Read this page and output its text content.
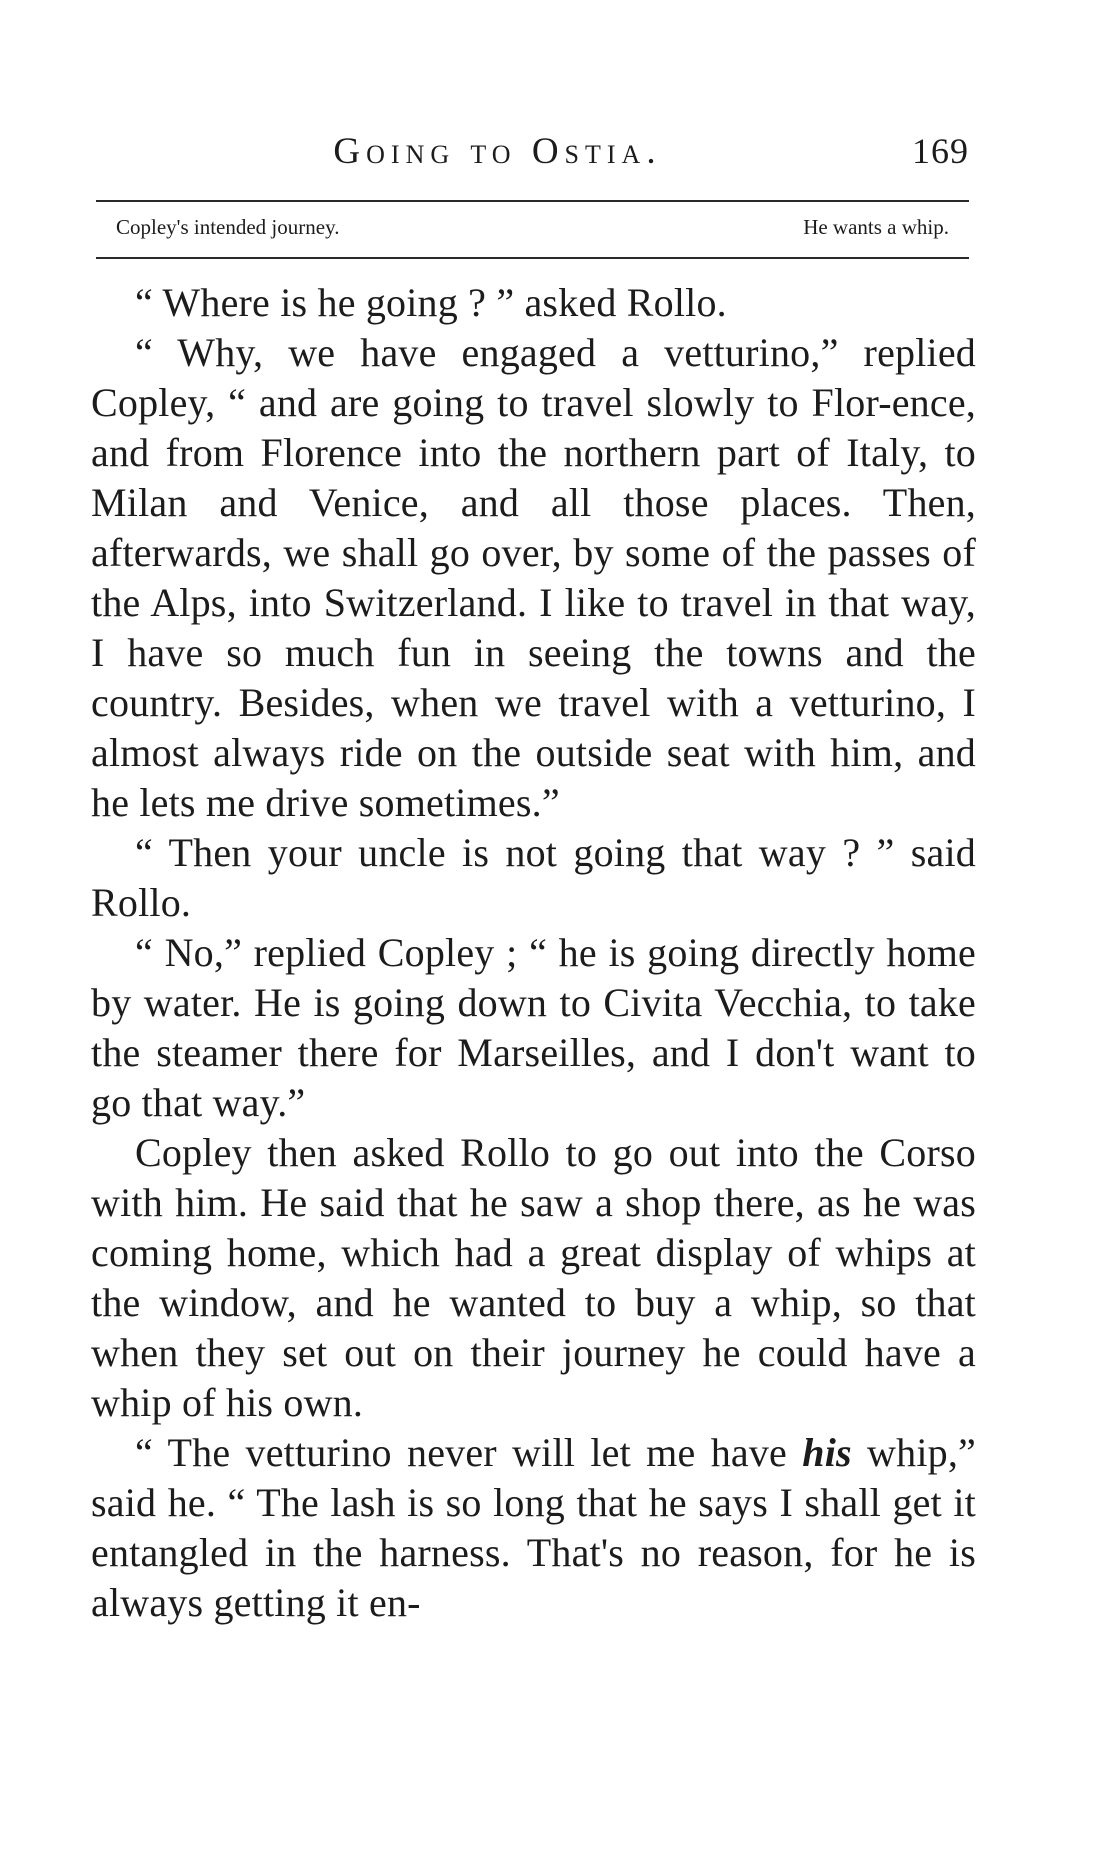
Going to Ostia.	169
Copley's intended journey.	He wants a whip.

“ Where is he going ? ” asked Rollo.

“ Why, we have engaged a vetturino,” replied Copley, “ and are going to travel slowly to Flor-ence, and from Florence into the northern part of Italy, to Milan and Venice, and all those places. Then, afterwards, we shall go over, by some of the passes of the Alps, into Switzerland. I like to travel in that way, I have so much fun in seeing the towns and the country. Besides, when we travel with a vetturino, I almost always ride on the outside seat with him, and he lets me drive sometimes.”

“ Then your uncle is not going that way ? ” said Rollo.

“ No,” replied Copley ; “ he is going directly home by water. He is going down to Civita Vecchia, to take the steamer there for Marseilles, and I don't want to go that way.”

Copley then asked Rollo to go out into the Corso with him. He said that he saw a shop there, as he was coming home, which had a great display of whips at the window, and he wanted to buy a whip, so that when they set out on their journey he could have a whip of his own.

“ The vetturino never will let me have his whip,” said he. “ The lash is so long that he says I shall get it entangled in the harness. That's no reason, for he is always getting it en-
